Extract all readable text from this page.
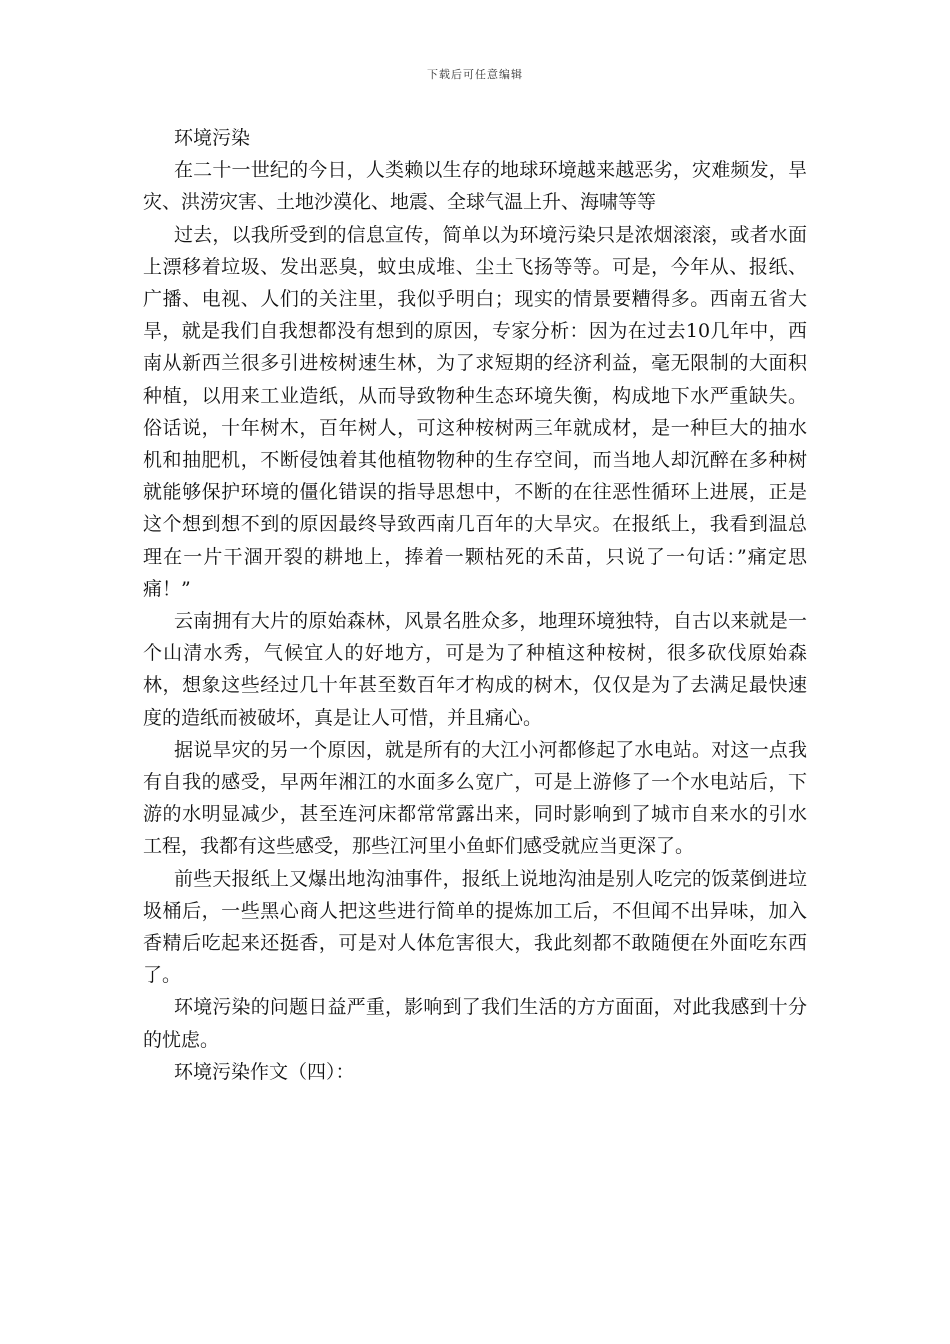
下载后可任意编辑

环境污染

在二十一世纪的今日，人类赖以生存的地球环境越来越恶劣，灾难频发，旱灾、洪涝灾害、土地沙漠化、地震、全球气温上升、海啸等等

过去，以我所受到的信息宣传，简单以为环境污染只是浓烟滚滚，或者水面上漂移着垃圾、发出恶臭，蚊虫成堆、尘土飞扬等等。可是，今年从、报纸、广播、电视、人们的关注里，我似乎明白；现实的情景要糟得多。西南五省大旱，就是我们自我想都没有想到的原因，专家分析：因为在过去10几年中，西南从新西兰很多引进桉树速生林，为了求短期的经济利益，毫无限制的大面积种植，以用来工业造纸，从而导致物种生态环境失衡，构成地下水严重缺失。俗话说，十年树木，百年树人，可这种桉树两三年就成材，是一种巨大的抽水机和抽肥机，不断侵蚀着其他植物物种的生存空间，而当地人却沉醉在多种树就能够保护环境的僵化错误的指导思想中，不断的在往恶性循环上进展，正是这个想到想不到的原因最终导致西南几百年的大旱灾。在报纸上，我看到温总理在一片干涸开裂的耕地上，捧着一颗枯死的禾苗，只说了一句话：”痛定思痛！”

云南拥有大片的原始森林，风景名胜众多，地理环境独特，自古以来就是一个山清水秀，气候宜人的好地方，可是为了种植这种桉树，很多砍伐原始森林，想象这些经过几十年甚至数百年才构成的树木，仅仅是为了去满足最快速度的造纸而被破坏，真是让人可惜，并且痛心。

据说旱灾的另一个原因，就是所有的大江小河都修起了水电站。对这一点我有自我的感受，早两年湘江的水面多么宽广，可是上游修了一个水电站后，下游的水明显减少，甚至连河床都常常露出来，同时影响到了城市自来水的引水工程，我都有这些感受，那些江河里小鱼虾们感受就应当更深了。

前些天报纸上又爆出地沟油事件，报纸上说地沟油是别人吃完的饭菜倒进垃圾桶后，一些黑心商人把这些进行简单的提炼加工后，不但闻不出异味，加入香精后吃起来还挺香，可是对人体危害很大，我此刻都不敢随便在外面吃东西了。

环境污染的问题日益严重，影响到了我们生活的方方面面，对此我感到十分的忧虑。

环境污染作文（四）：
